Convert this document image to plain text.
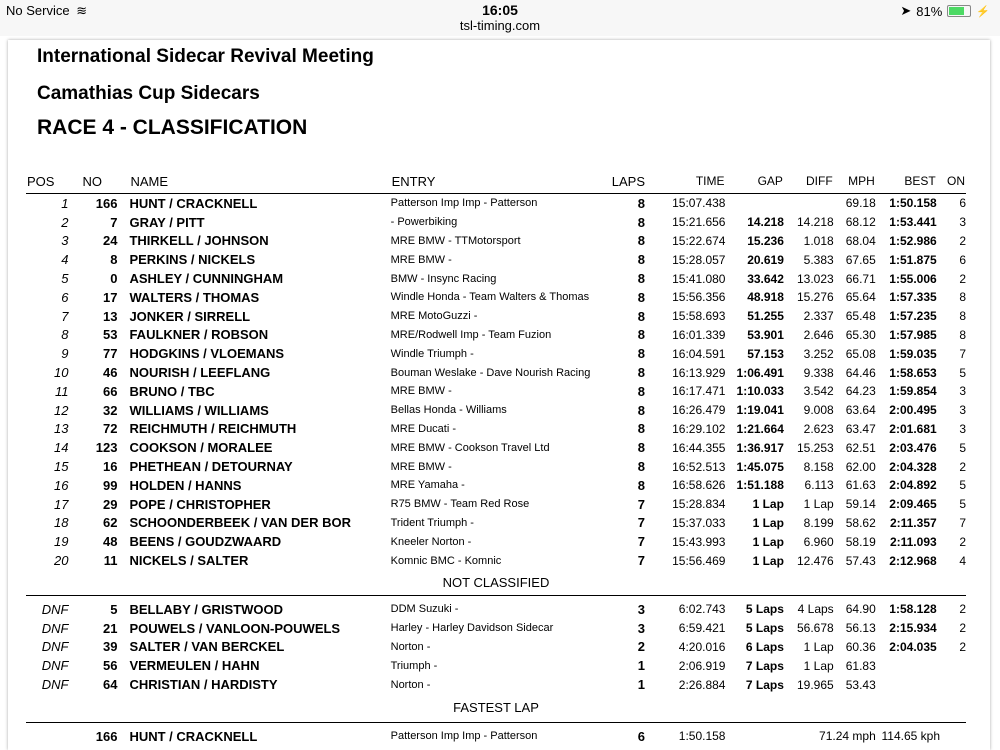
No Service ≋	16:05
tsl-timing.com
➤ 81%	⚡
International Sidecar Revival Meeting
Camathias Cup Sidecars
RACE 4 - CLASSIFICATION
POS	NO	NAME	ENTRY	LAPS	TIME	GAP	DIFF	MPH	BEST	ON
1	166	HUNT / CRACKNELL	Patterson Imp Imp - Patterson	8	15:07.438			69.18	1:50.158	6
2	7	GRAY / PITT	- Powerbiking	8	15:21.656	14.218	14.218	68.12	1:53.441	3
3	24	THIRKELL / JOHNSON	MRE BMW - TTMotorsport	8	15:22.674	15.236	1.018	68.04	1:52.986	2
4	8	PERKINS / NICKELS	MRE BMW -	8	15:28.057	20.619	5.383	67.65	1:51.875	6
5	0	ASHLEY / CUNNINGHAM	BMW - Insync Racing	8	15:41.080	33.642	13.023	66.71	1:55.006	2
6	17	WALTERS / THOMAS	Windle Honda - Team Walters & Thomas	8	15:56.356	48.918	15.276	65.64	1:57.335	8
7	13	JONKER / SIRRELL	MRE MotoGuzzi -	8	15:58.693	51.255	2.337	65.48	1:57.235	8
8	53	FAULKNER / ROBSON	MRE/Rodwell Imp - Team Fuzion	8	16:01.339	53.901	2.646	65.30	1:57.985	8
9	77	HODGKINS / VLOEMANS	Windle Triumph -	8	16:04.591	57.153	3.252	65.08	1:59.035	7
10	46	NOURISH / LEEFLANG	Bouman Weslake - Dave Nourish Racing	8	16:13.929	1:06.491	9.338	64.46	1:58.653	5
11	66	BRUNO / TBC	MRE BMW -	8	16:17.471	1:10.033	3.542	64.23	1:59.854	3
12	32	WILLIAMS / WILLIAMS	Bellas Honda - Williams	8	16:26.479	1:19.041	9.008	63.64	2:00.495	3
13	72	REICHMUTH / REICHMUTH	MRE Ducati -	8	16:29.102	1:21.664	2.623	63.47	2:01.681	3
14	123	COOKSON / MORALEE	MRE BMW - Cookson Travel Ltd	8	16:44.355	1:36.917	15.253	62.51	2:03.476	5
15	16	PHETHEAN / DETOURNAY	MRE BMW -	8	16:52.513	1:45.075	8.158	62.00	2:04.328	2
16	99	HOLDEN / HANNS	MRE Yamaha -	8	16:58.626	1:51.188	6.113	61.63	2:04.892	5
17	29	POPE / CHRISTOPHER	R75 BMW - Team Red Rose	7	15:28.834	1 Lap	1 Lap	59.14	2:09.465	5
18	62	SCHOONDERBEEK / VAN DER BOR	Trident Triumph -	7	15:37.033	1 Lap	8.199	58.62	2:11.357	7
19	48	BEENS / GOUDZWAARD	Kneeler Norton -	7	15:43.993	1 Lap	6.960	58.19	2:11.093	2
20	11	NICKELS / SALTER	Komnic BMC - Komnic	7	15:56.469	1 Lap	12.476	57.43	2:12.968	4
NOT CLASSIFIED										

DNF	5	BELLABY / GRISTWOOD	DDM Suzuki -	3	6:02.743	5 Laps	4 Laps	64.90	1:58.128	2
DNF	21	POUWELS / VANLOON-POUWELS	Harley - Harley Davidson Sidecar	3	6:59.421	5 Laps	56.678	56.13	2:15.934	2
DNF	39	SALTER / VAN BERCKEL	Norton -	2	4:20.016	6 Laps	1 Lap	60.36	2:04.035	2
DNF	56	VERMEULEN / HAHN	Triumph -	1	2:06.919	7 Laps	1 Lap	61.83		
DNF	64	CHRISTIAN / HARDISTY	Norton -	1	2:26.884	7 Laps	19.965	53.43		
FASTEST LAP										

	166	HUNT / CRACKNELL	Patterson Imp Imp - Patterson	6	1:50.158	71.24 mph			114.65 kph	
